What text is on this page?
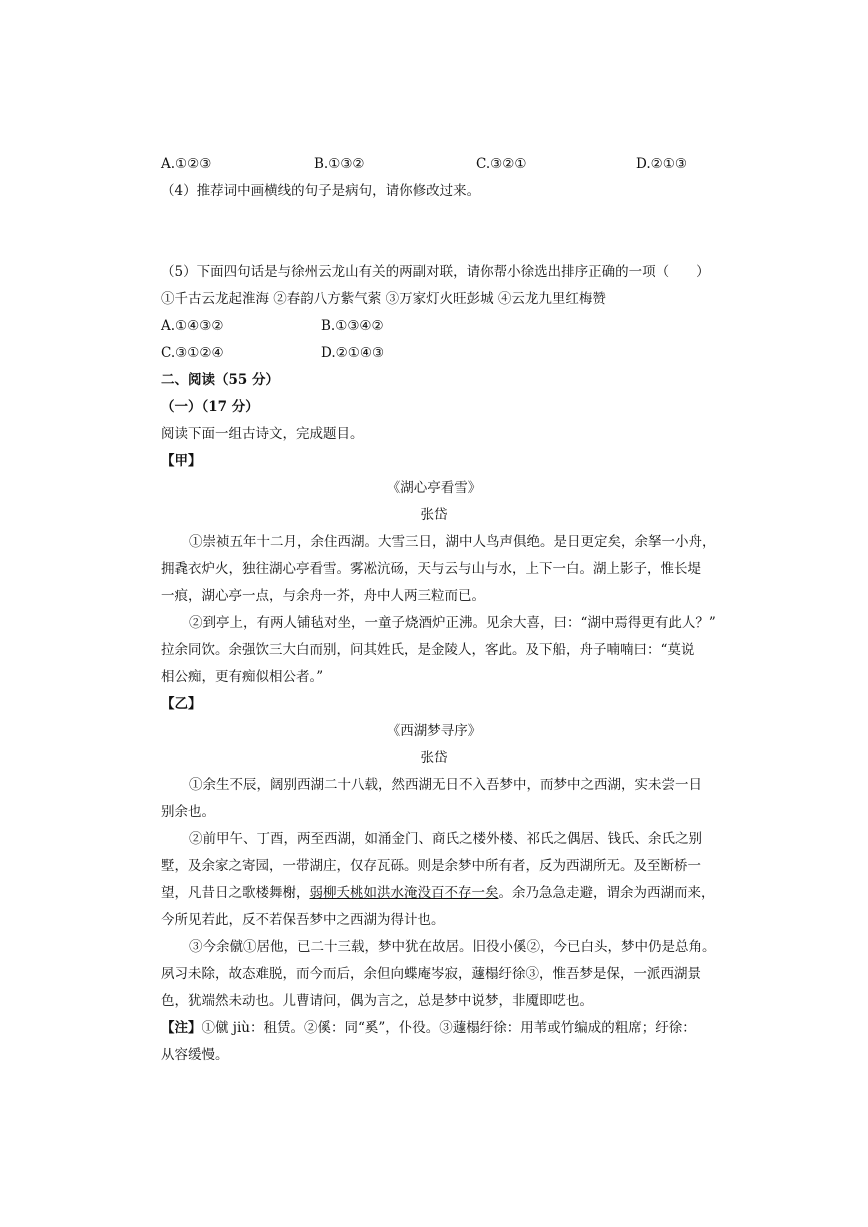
A.①②③	B.①③②	C.③②①	D.②①③
（4）推荐词中画横线的句子是病句，请你修改过来。
（5）下面四句话是与徐州云龙山有关的两副对联，请你帮小徐选出排序正确的一项（　　）
①千古云龙起淮海 ②春韵八方紫气萦 ③万家灯火旺彭城 ④云龙九里红梅赞
A.①④③②	B.①③④②
C.③①②④	D.②①④③
二、阅读（55 分）
（一）（17 分）
阅读下面一组古诗文，完成题目。
【甲】
《湖心亭看雪》
张岱
①崇祯五年十二月，余住西湖。大雪三日，湖中人鸟声俱绝。是日更定矣，余拏一小舟，
拥毳衣炉火，独往湖心亭看雪。雾凇沆砀，天与云与山与水，上下一白。湖上影子，惟长堤
一痕，湖心亭一点，与余舟一芥，舟中人两三粒而已。
②到亭上，有两人铺毡对坐，一童子烧酒炉正沸。见余大喜，曰：“湖中焉得更有此人？”
拉余同饮。余强饮三大白而别，问其姓氏，是金陵人，客此。及下船，舟子喃喃曰：“莫说
相公痴，更有痴似相公者。”
【乙】
《西湖梦寻序》
张岱
①余生不辰，阔别西湖二十八载，然西湖无日不入吾梦中，而梦中之西湖，实未尝一日
别余也。
②前甲午、丁酉，两至西湖，如涌金门、商氏之楼外楼、祁氏之偶居、钱氏、余氏之别
墅，及余家之寄园，一带湖庄，仅存瓦砾。则是余梦中所有者，反为西湖所无。及至断桥一
望，凡昔日之歌楼舞榭，弱柳夭桃如洪水淹没百不存一矣。余乃急急走避，谓余为西湖而来，
今所见若此，反不若保吾梦中之西湖为得计也。
③今余僦①居他，已二十三载，梦中犹在故居。旧役小傒②，今已白头，梦中仍是总角。
夙习未除，故态难脱，而今而后，余但向蝶庵岑寂，蘧榻纡徐③，惟吾梦是保，一派西湖景
色，犹端然未动也。儿曹请问，偶为言之，总是梦中说梦，非魇即呓也。
【注】①僦 jiù：租赁。②傒：同“奚”，仆役。③蘧榻纡徐：用苇或竹编成的粗席；纡徐：
从容缓慢。
